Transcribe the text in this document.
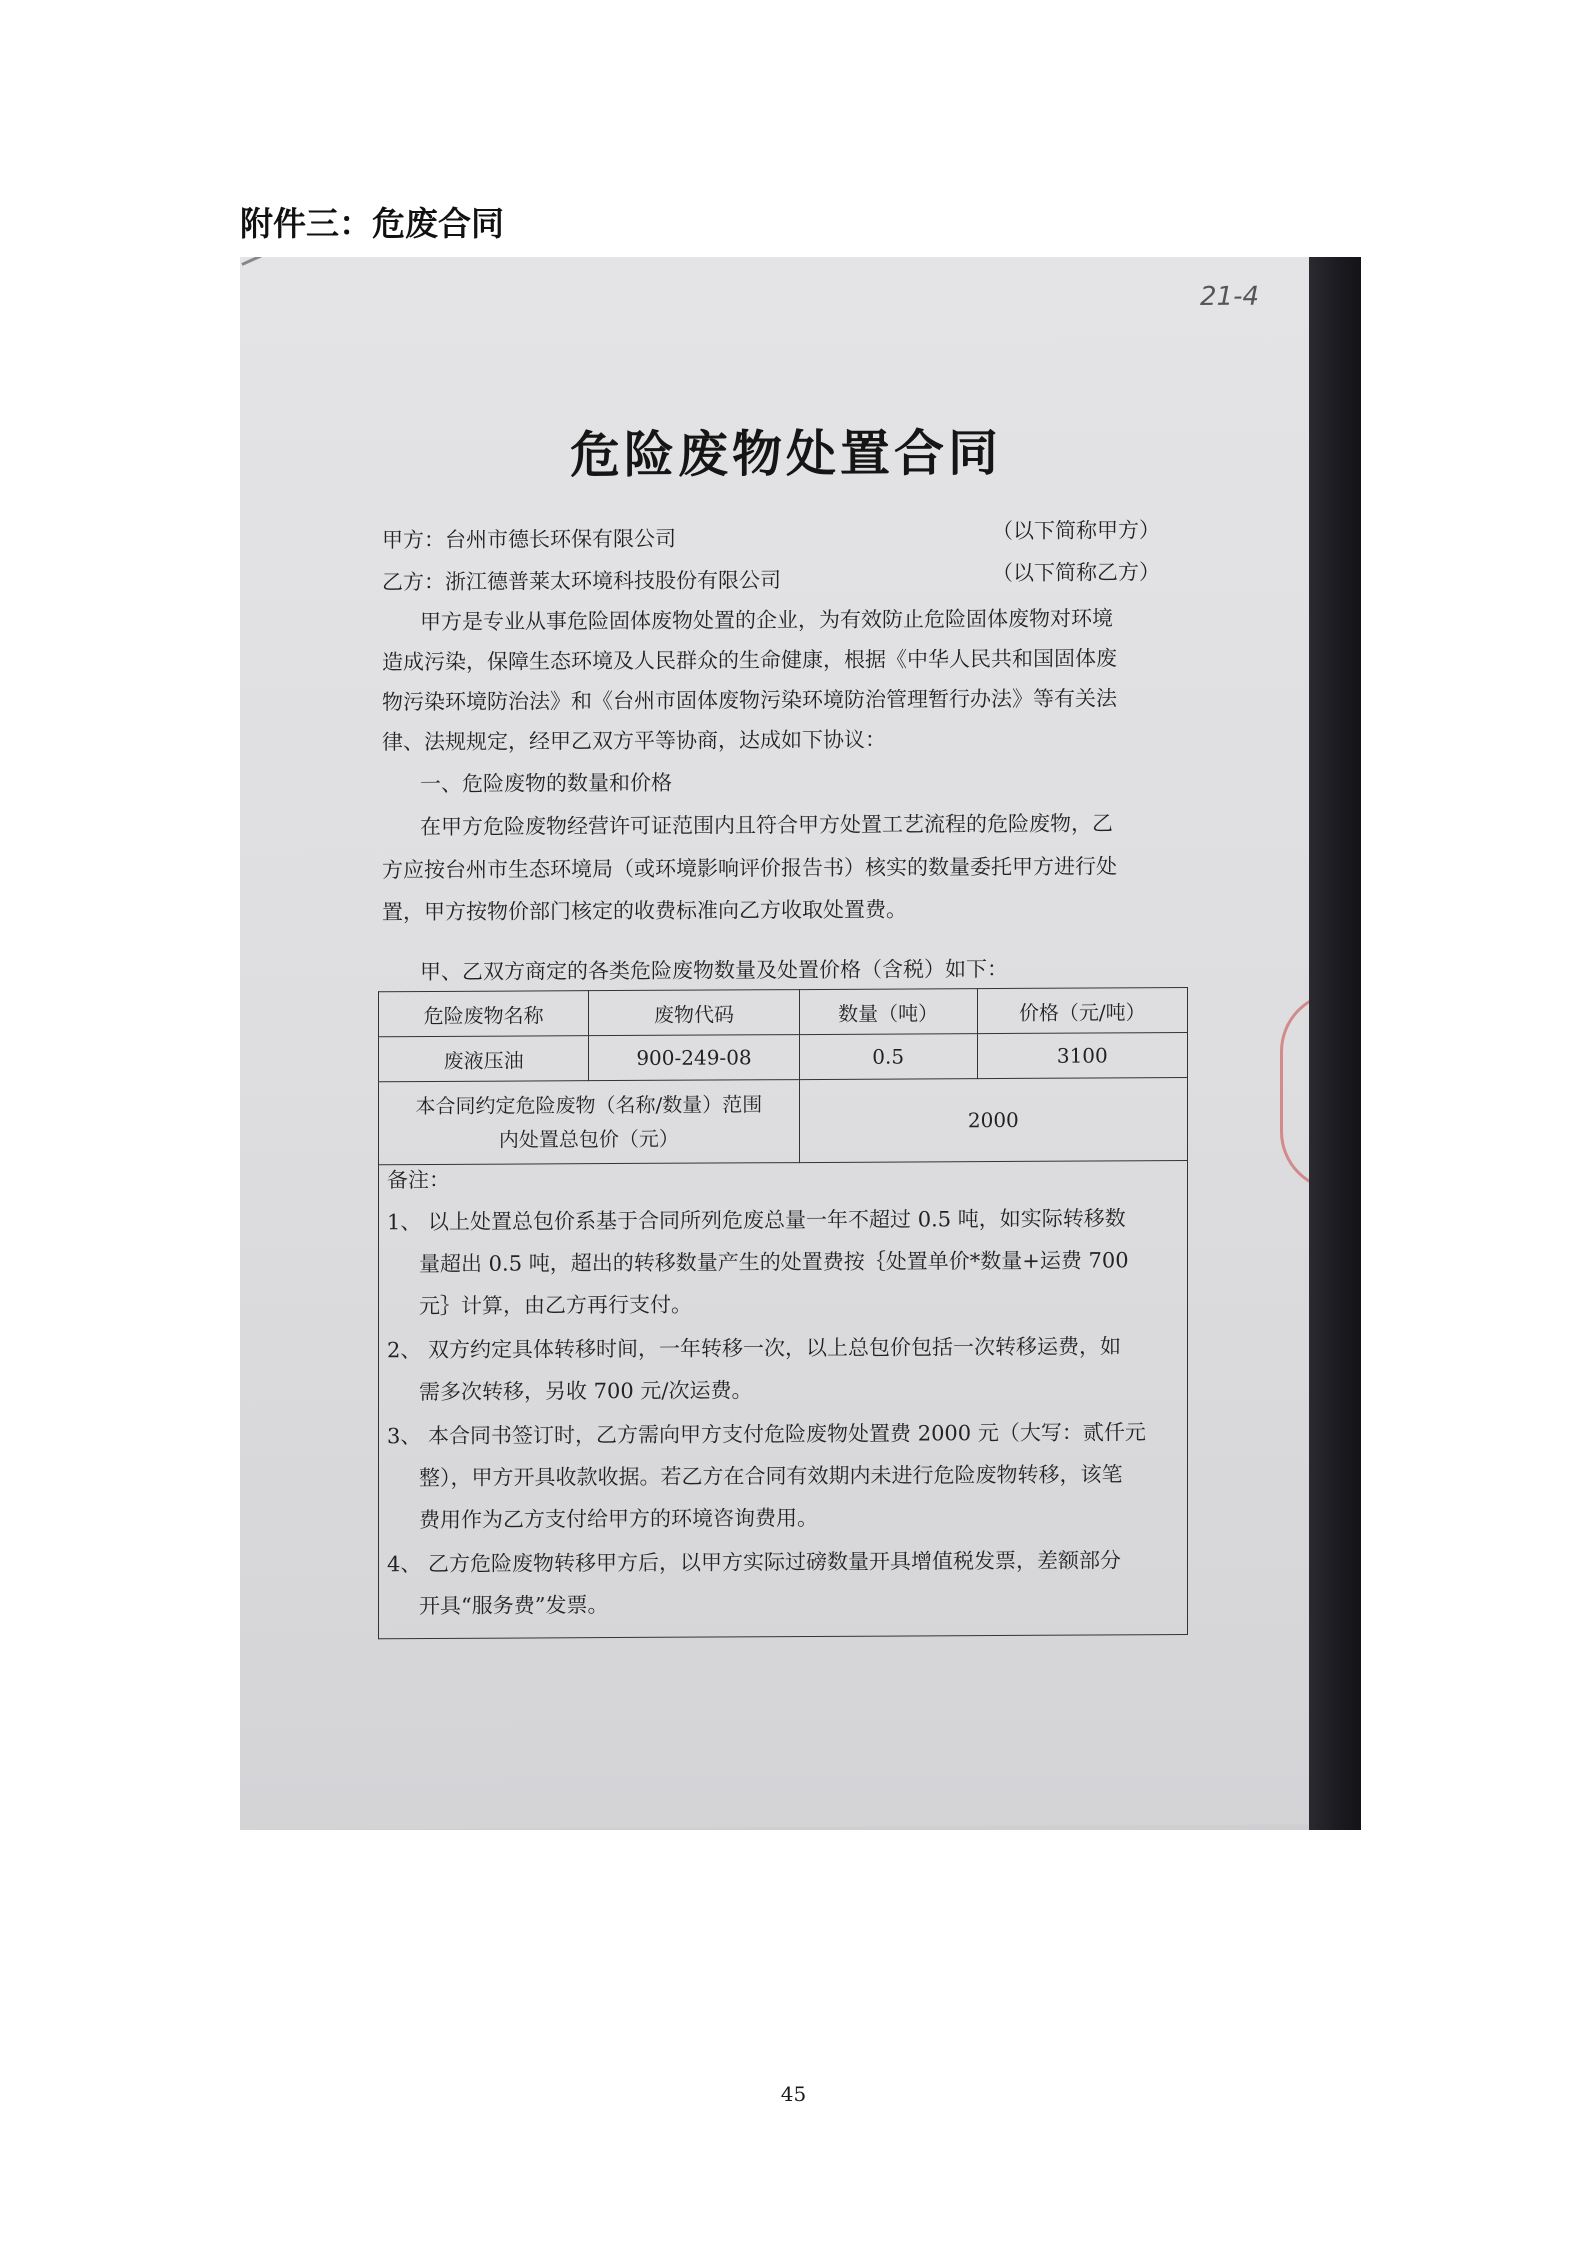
附件三：危废合同
21-4
危险废物处置合同
甲方：台州市德长环保有限公司	（以下简称甲方）
乙方：浙江德普莱太环境科技股份有限公司	（以下简称乙方）
甲方是专业从事危险固体废物处置的企业，为有效防止危险固体废物对环境
造成污染，保障生态环境及人民群众的生命健康，根据《中华人民共和国固体废
物污染环境防治法》和《台州市固体废物污染环境防治管理暂行办法》等有关法
律、法规规定，经甲乙双方平等协商，达成如下协议：
一、危险废物的数量和价格
在甲方危险废物经营许可证范围内且符合甲方处置工艺流程的危险废物，乙
方应按台州市生态环境局（或环境影响评价报告书）核实的数量委托甲方进行处
置，甲方按物价部门核定的收费标准向乙方收取处置费。
甲、乙双方商定的各类危险废物数量及处置价格（含税）如下：
危险废物名称	废物代码	数量（吨）	价格（元/吨）
废液压油	900-249-08	0.5	3100

本合同约定危险废物（名称/数量）范围
内处置总包价（元）		2000	
备注：
1、 以上处置总包价系基于合同所列危废总量一年不超过 0.5 吨，如实际转移数
量超出 0.5 吨，超出的转移数量产生的处置费按｛处置单价*数量+运费 700
元｝计算，由乙方再行支付。
2、 双方约定具体转移时间，一年转移一次，以上总包价包括一次转移运费，如
需多次转移，另收 700 元/次运费。
3、 本合同书签订时，乙方需向甲方支付危险废物处置费 2000 元（大写：贰仟元
整），甲方开具收款收据。若乙方在合同有效期内未进行危险废物转移，该笔
费用作为乙方支付给甲方的环境咨询费用。
4、 乙方危险废物转移甲方后，以甲方实际过磅数量开具增值税发票，差额部分
开具“服务费”发票。
45
